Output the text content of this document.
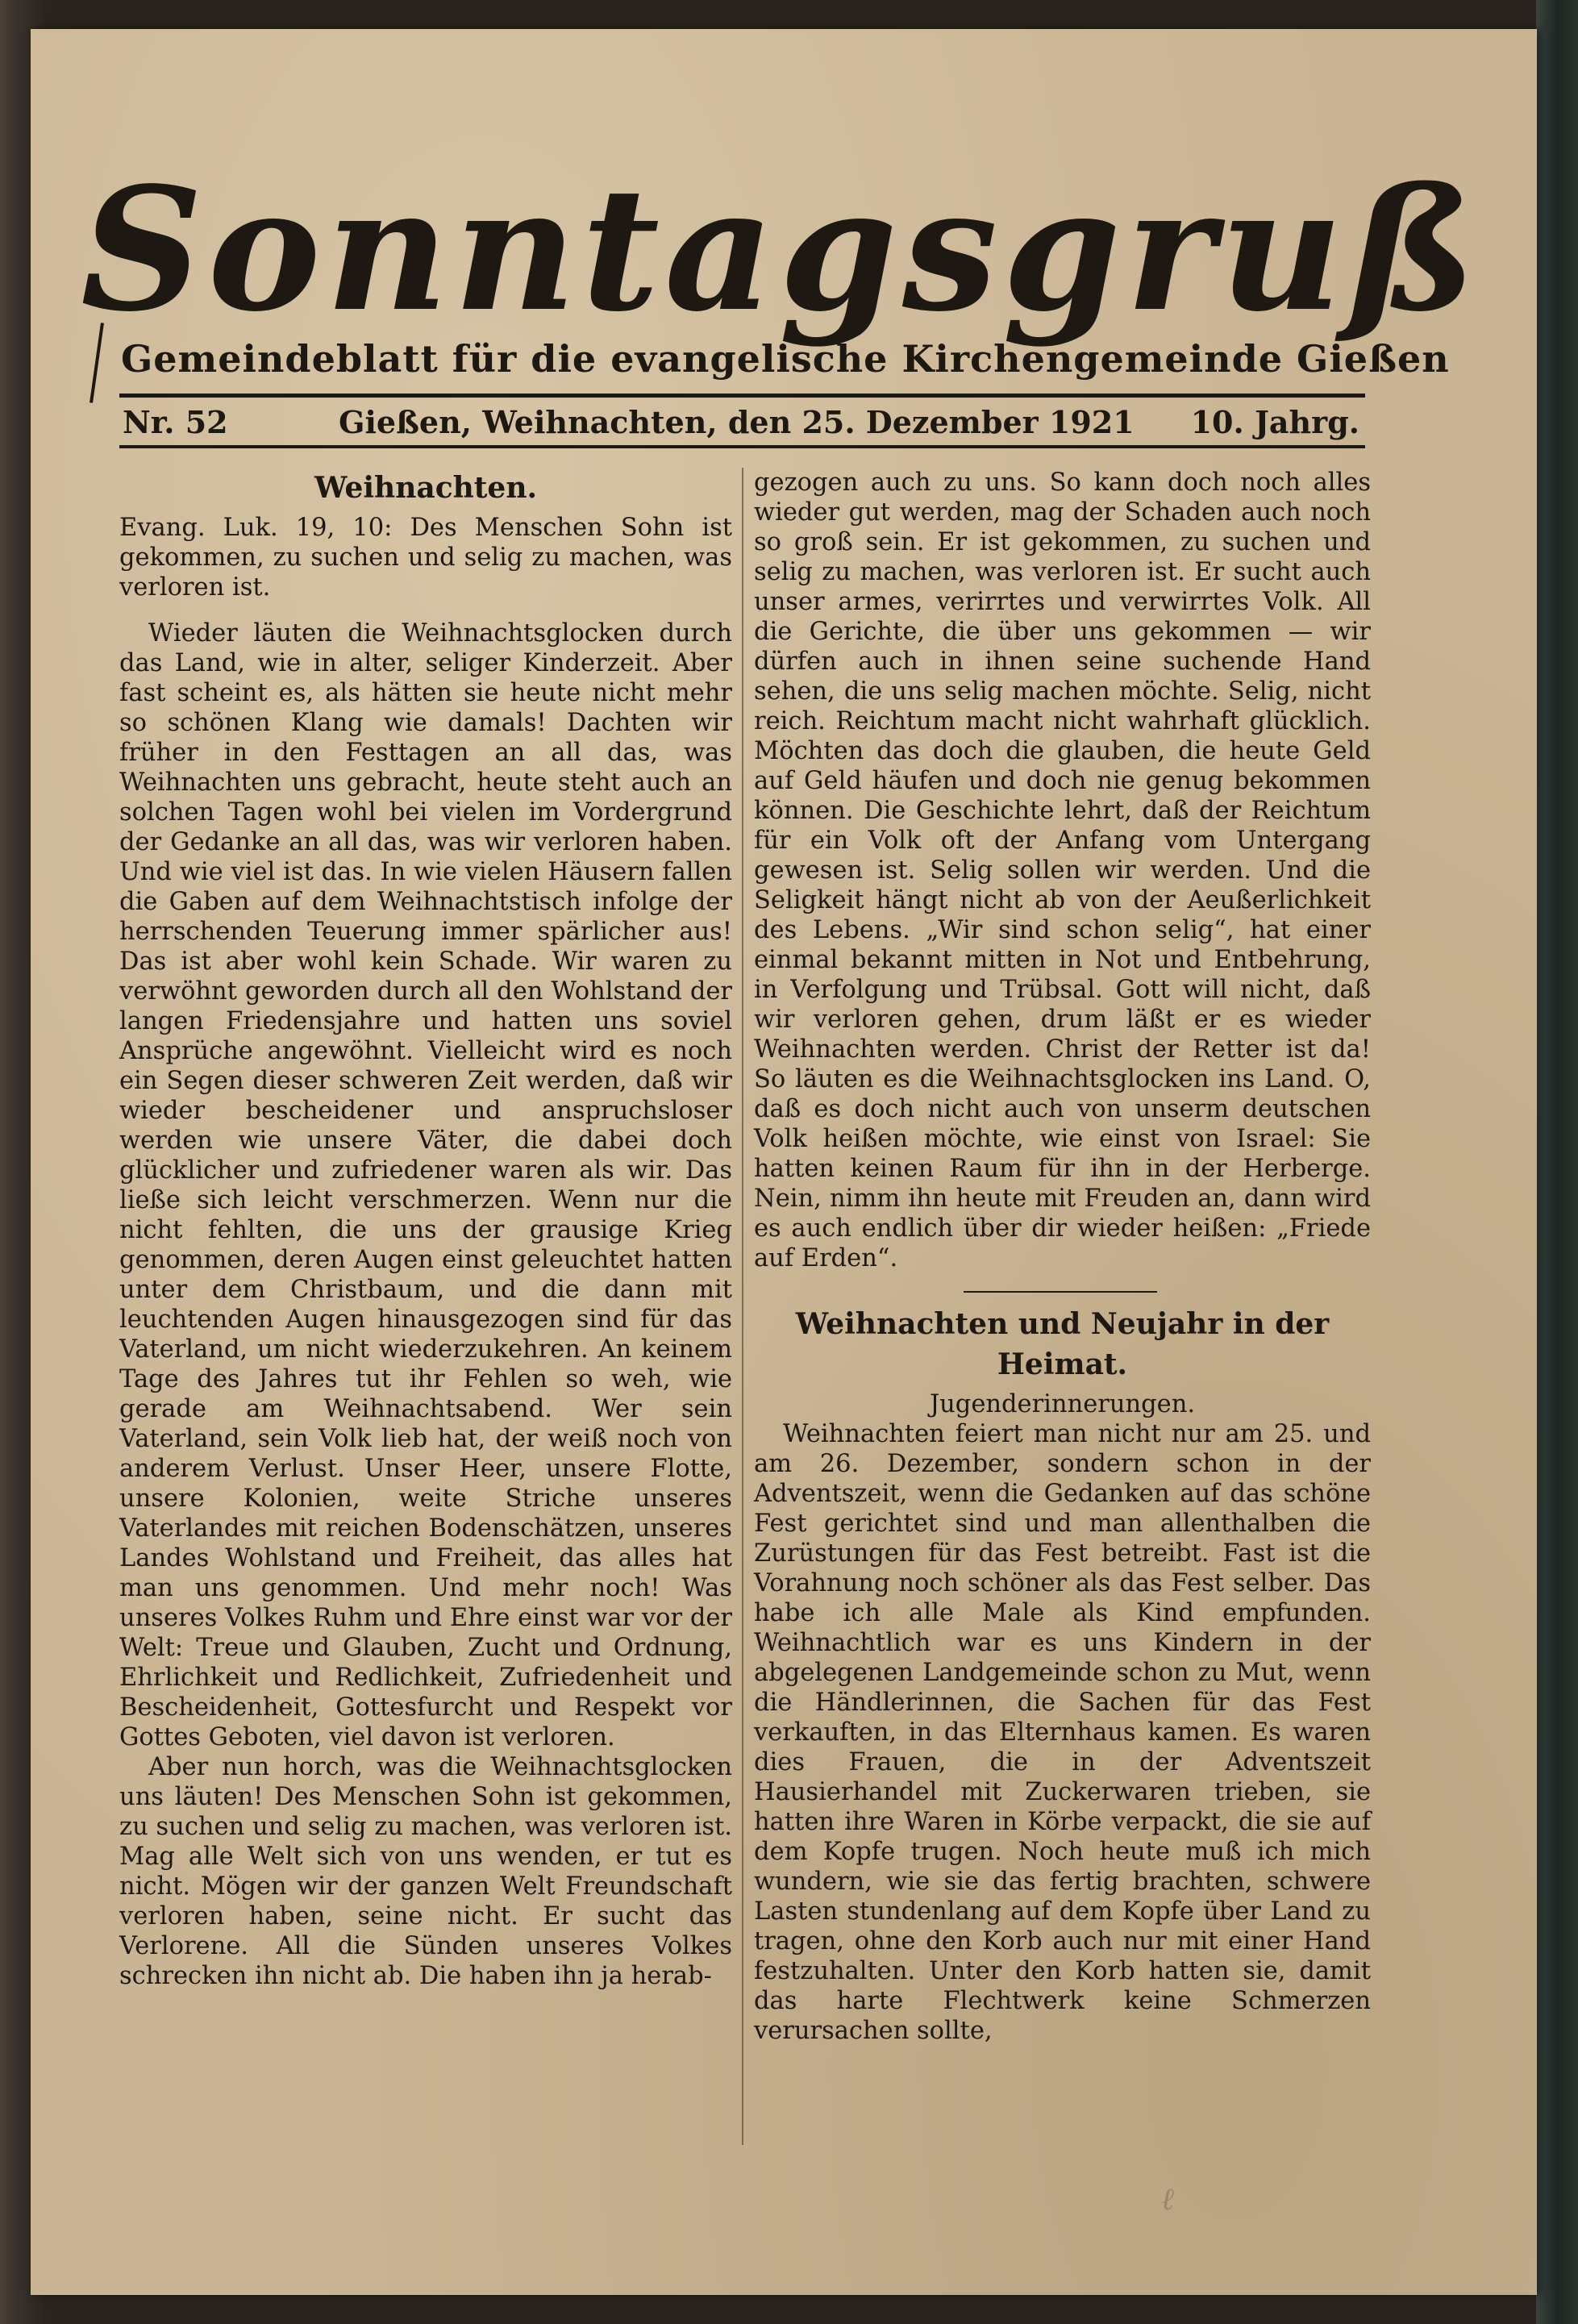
Sonntagsgruß
Gemeindeblatt für die evangelische Kirchengemeinde Gießen
Nr. 52	Gießen, Weihnachten, den 25. Dezember 1921 10. Jahrg.
Weihnachten.

Evang. Luk. 19, 10: Des Menschen Sohn ist gekommen, zu suchen und selig zu machen, was verloren ist.

Wieder läuten die Weihnachtsglocken durch das Land, wie in alter, seliger Kinderzeit. Aber fast scheint es, als hätten sie heute nicht mehr so schönen Klang wie damals! Dachten wir früher in den Festtagen an all das, was Weihnachten uns gebracht, heute steht auch an solchen Tagen wohl bei vielen im Vordergrund der Gedanke an all das, was wir verloren haben. Und wie viel ist das. In wie vielen Häusern fallen die Gaben auf dem Weihnachtstisch infolge der herrschenden Teuerung immer spärlicher aus! Das ist aber wohl kein Schade. Wir waren zu verwöhnt geworden durch all den Wohlstand der langen Friedensjahre und hatten uns soviel Ansprüche angewöhnt. Vielleicht wird es noch ein Segen dieser schweren Zeit werden, daß wir wieder bescheidener und anspruchsloser werden wie unsere Väter, die dabei doch glücklicher und zufriedener waren als wir. Das ließe sich leicht verschmerzen. Wenn nur die nicht fehlten, die uns der grausige Krieg genommen, deren Augen einst geleuchtet hatten unter dem Christbaum, und die dann mit leuchtenden Augen hinausgezogen sind für das Vaterland, um nicht wiederzukehren. An keinem Tage des Jahres tut ihr Fehlen so weh, wie gerade am Weihnachtsabend. Wer sein Vaterland, sein Volk lieb hat, der weiß noch von anderem Verlust. Unser Heer, unsere Flotte, unsere Kolonien, weite Striche unseres Vaterlandes mit reichen Bodenschätzen, unseres Landes Wohlstand und Freiheit, das alles hat man uns genommen. Und mehr noch! Was unseres Volkes Ruhm und Ehre einst war vor der Welt: Treue und Glauben, Zucht und Ordnung, Ehrlichkeit und Redlichkeit, Zufriedenheit und Bescheidenheit, Gottesfurcht und Respekt vor Gottes Geboten, viel davon ist verloren.

Aber nun horch, was die Weihnachtsglocken uns läuten! Des Menschen Sohn ist gekommen, zu suchen und selig zu machen, was verloren ist. Mag alle Welt sich von uns wenden, er tut es nicht. Mögen wir der ganzen Welt Freundschaft verloren haben, seine nicht. Er sucht das Verlorene. All die Sünden unseres Volkes schrecken ihn nicht ab. Die haben ihn ja herab-

gezogen auch zu uns. So kann doch noch alles wieder gut werden, mag der Schaden auch noch so groß sein. Er ist gekommen, zu suchen und selig zu machen, was verloren ist. Er sucht auch unser armes, verirrtes und verwirrtes Volk. All die Gerichte, die über uns gekommen — wir dürfen auch in ihnen seine suchende Hand sehen, die uns selig machen möchte. Selig, nicht reich. Reichtum macht nicht wahrhaft glücklich. Möchten das doch die glauben, die heute Geld auf Geld häufen und doch nie genug bekommen können. Die Geschichte lehrt, daß der Reichtum für ein Volk oft der Anfang vom Untergang gewesen ist. Selig sollen wir werden. Und die Seligkeit hängt nicht ab von der Aeußerlichkeit des Lebens. „Wir sind schon selig“, hat einer einmal bekannt mitten in Not und Entbehrung, in Verfolgung und Trübsal. Gott will nicht, daß wir verloren gehen, drum läßt er es wieder Weihnachten werden. Christ der Retter ist da! So läuten es die Weihnachtsglocken ins Land. O, daß es doch nicht auch von unserm deutschen Volk heißen möchte, wie einst von Israel: Sie hatten keinen Raum für ihn in der Herberge. Nein, nimm ihn heute mit Freuden an, dann wird es auch endlich über dir wieder heißen: „Friede auf Erden“.

Weihnachten und Neujahr in der Heimat.

Jugenderinnerungen.

Weihnachten feiert man nicht nur am 25. und am 26. Dezember, sondern schon in der Adventszeit, wenn die Gedanken auf das schöne Fest gerichtet sind und man allenthalben die Zurüstungen für das Fest betreibt. Fast ist die Vorahnung noch schöner als das Fest selber. Das habe ich alle Male als Kind empfunden. Weihnachtlich war es uns Kindern in der abgelegenen Landgemeinde schon zu Mut, wenn die Händlerinnen, die Sachen für das Fest verkauften, in das Elternhaus kamen. Es waren dies Frauen, die in der Adventszeit Hausierhandel mit Zuckerwaren trieben, sie hatten ihre Waren in Körbe verpackt, die sie auf dem Kopfe trugen. Noch heute muß ich mich wundern, wie sie das fertig brachten, schwere Lasten stundenlang auf dem Kopfe über Land zu tragen, ohne den Korb auch nur mit einer Hand festzuhalten. Unter den Korb hatten sie, damit das harte Flechtwerk keine Schmerzen verursachen sollte,

ℓ
